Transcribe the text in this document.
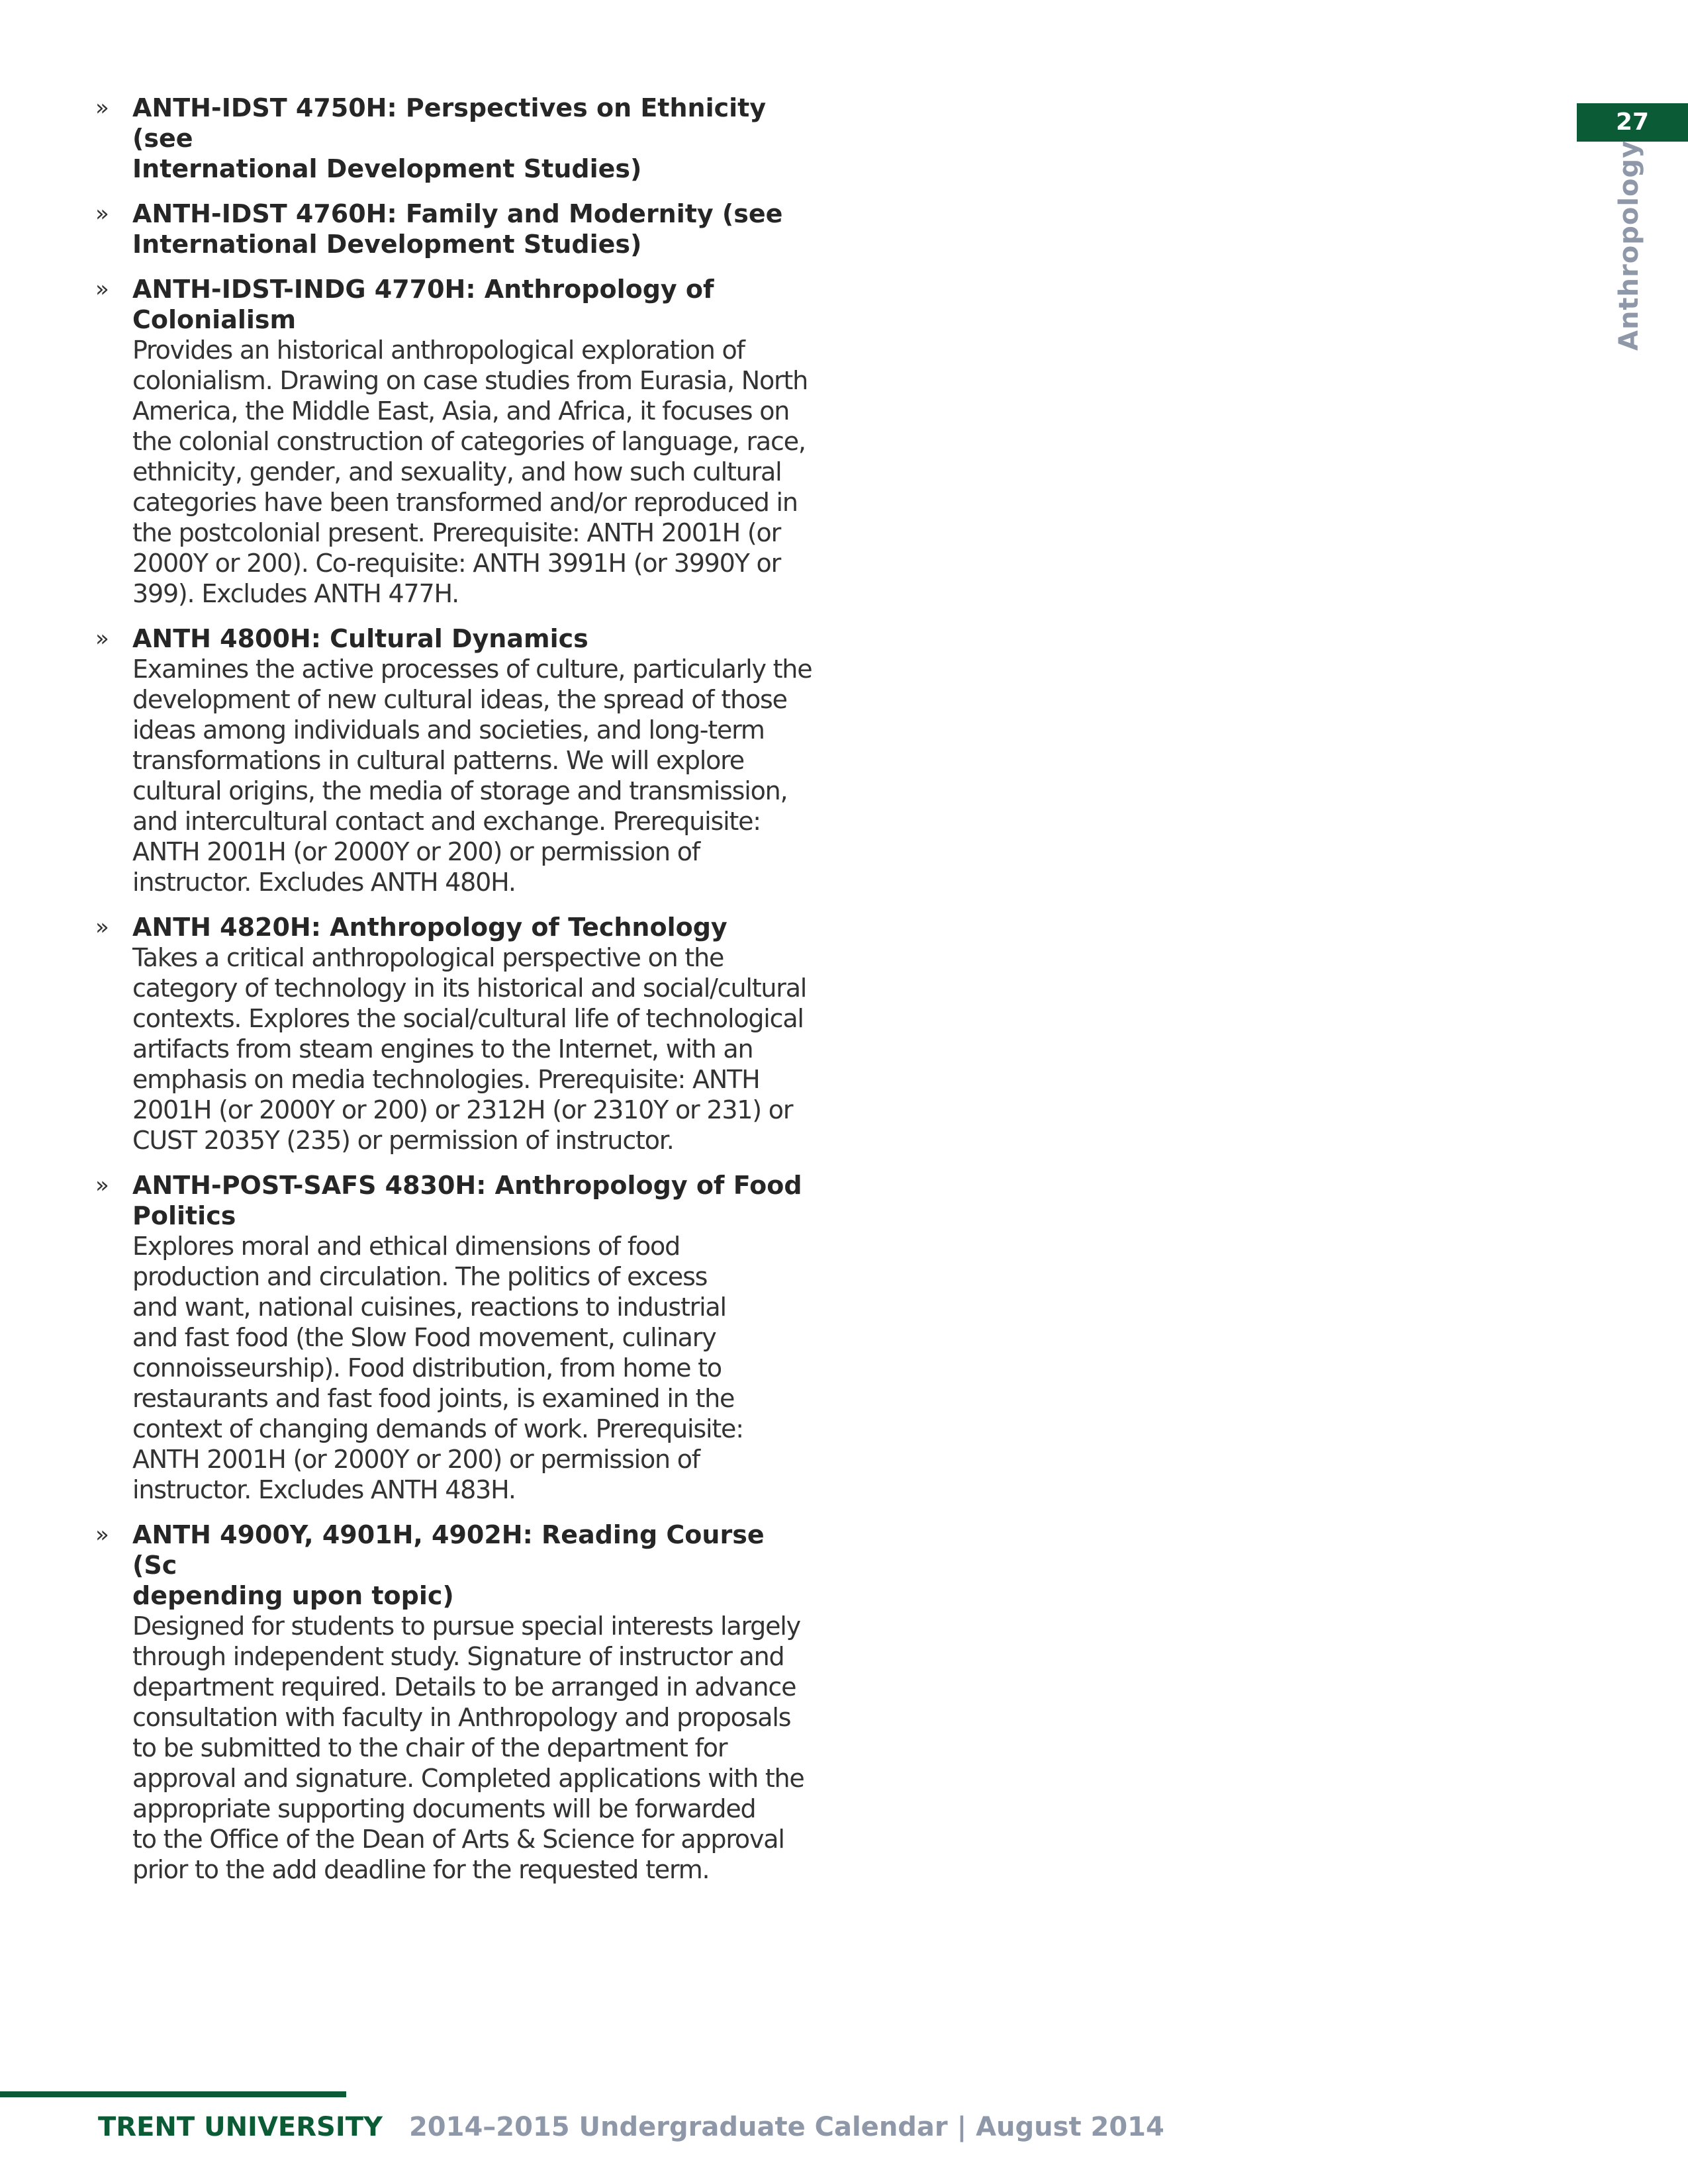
27
Anthropology
» ANTH-IDST 4750H: Perspectives on Ethnicity (see
International Development Studies)
» ANTH-IDST 4760H: Family and Modernity (see
International Development Studies)
» ANTH-IDST-INDG 4770H: Anthropology of
Colonialism
Provides an historical anthropological exploration of
colonialism. Drawing on case studies from Eurasia, North
America, the Middle East, Asia, and Africa, it focuses on
the colonial construction of categories of language, race,
ethnicity, gender, and sexuality, and how such cultural
categories have been transformed and/or reproduced in
the postcolonial present. Prerequisite: ANTH 2001H (or
2000Y or 200). Co-requisite: ANTH 3991H (or 3990Y or
399). Excludes ANTH 477H.
» ANTH 4800H: Cultural Dynamics
Examines the active processes of culture, particularly the
development of new cultural ideas, the spread of those
ideas among individuals and societies, and long-term
transformations in cultural patterns. We will explore
cultural origins, the media of storage and transmission,
and intercultural contact and exchange. Prerequisite:
ANTH 2001H (or 2000Y or 200) or permission of
instructor. Excludes ANTH 480H.
» ANTH 4820H: Anthropology of Technology
Takes a critical anthropological perspective on the
category of technology in its historical and social/cultural
contexts. Explores the social/cultural life of technological
artifacts from steam engines to the Internet, with an
emphasis on media technologies. Prerequisite: ANTH
2001H (or 2000Y or 200) or 2312H (or 2310Y or 231) or
CUST 2035Y (235) or permission of instructor.
» ANTH-POST-SAFS 4830H: Anthropology of Food
Politics
Explores moral and ethical dimensions of food
production and circulation. The politics of excess
and want, national cuisines, reactions to industrial
and fast food (the Slow Food movement, culinary
connoisseurship). Food distribution, from home to
restaurants and fast food joints, is examined in the
context of changing demands of work. Prerequisite:
ANTH 2001H (or 2000Y or 200) or permission of
instructor. Excludes ANTH 483H.
» ANTH 4900Y, 4901H, 4902H: Reading Course (Sc
depending upon topic)
Designed for students to pursue special interests largely
through independent study. Signature of instructor and
department required. Details to be arranged in advance
consultation with faculty in Anthropology and proposals
to be submitted to the chair of the department for
approval and signature. Completed applications with the
appropriate supporting documents will be forwarded
to the Office of the Dean of Arts & Science for approval
prior to the add deadline for the requested term.
TRENT UNIVERSITY 2014–2015 Undergraduate Calendar | August 2014
